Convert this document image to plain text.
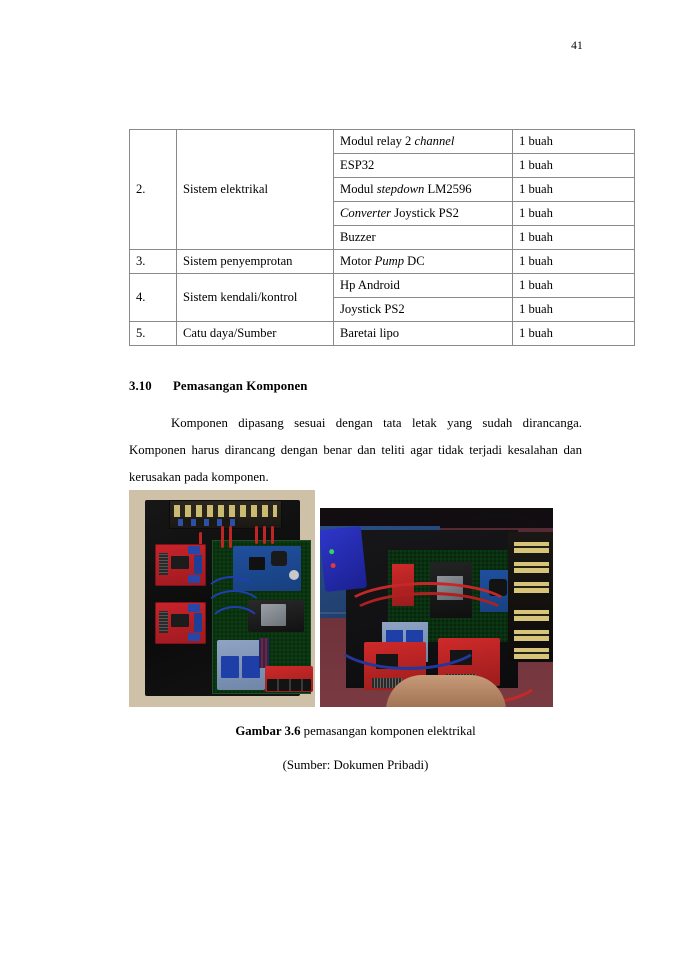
41
2.	Sistem elektrikal	Modul relay 2 channel	1 buah
		ESP32	1 buah
		Modul stepdown LM2596	1 buah
		Converter Joystick PS2	1 buah
		Buzzer	1 buah
3.	Sistem penyemprotan	Motor Pump DC	1 buah
4.	Sistem kendali/kontrol	Hp Android	1 buah
		Joystick PS2	1 buah
5.	Catu daya/Sumber	Baretai lipo	1 buah
3.10 Pemasangan Komponen
Komponen dipasang sesuai dengan tata letak yang sudah dirancanga. Komponen harus dirancang dengan benar dan teliti agar tidak terjadi kesalahan dan kerusakan pada komponen.
Gambar 3.6 pemasangan komponen elektrikal
(Sumber: Dokumen Pribadi)
